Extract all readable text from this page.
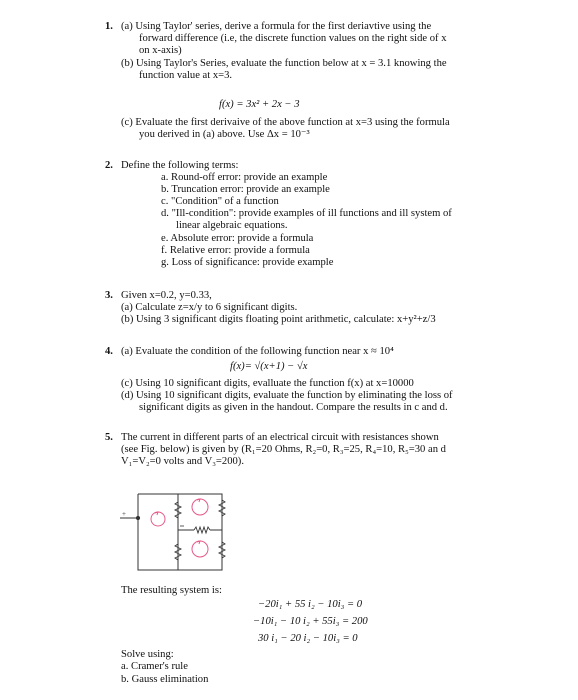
1. (a) Using Taylor' series, derive a formula for the first deriavtive using the
forward difference (i.e, the discrete function values on the right side of x
on x-axis)
(b) Using Taylor's Series, evaluate the function below at x = 3.1 knowing the
function value at x=3.
f(x) = 3x² + 2x − 3
(c) Evaluate the first derivaive of the above function at x=3 using the formula
you derived in (a) above. Use Δx = 10⁻³
2. Define the following terms:
a. Round-off error: provide an example
b. Truncation error: provide an example
c. "Condition" of a function
d. "Ill-condition": provide examples of ill functions and ill system of
linear algebraic equations.
e. Absolute error: provide a formula
f. Relative error: provide a formula
g. Loss of significance: provide example
3. Given x=0.2, y=0.33,
(a) Calculate z=x/y to 6 significant digits.
(b) Using 3 significant digits floating point arithmetic, calculate: x+y²+z/3
4. (a) Evaluate the condition of the following function near x ≈ 10⁴
f(x)= √(x+1) − √x
(c) Using 10 significant digits, evalluate the function f(x) at x=10000
(d) Using 10 significant digits, evaluate the function by eliminating the loss of
significant digits as given in the handout. Compare the results in c and d.
5. The current in different parts of an electrical circuit with resistances shown
(see Fig. below) is given by (R₁=20 Ohms, R₂=0, R₃=25, R₄=10, R₅=30 an d
V₁=V₂=0 volts and V₃=200).
+
The resulting system is:
−20i₁ + 55 i₂ − 10i₃ = 0
−10i₁ − 10 i₂ + 55i₃ = 200
30 i₁ − 20 i₂ − 10i₃ = 0
Solve using:
a. Cramer's rule
b. Gauss elimination
